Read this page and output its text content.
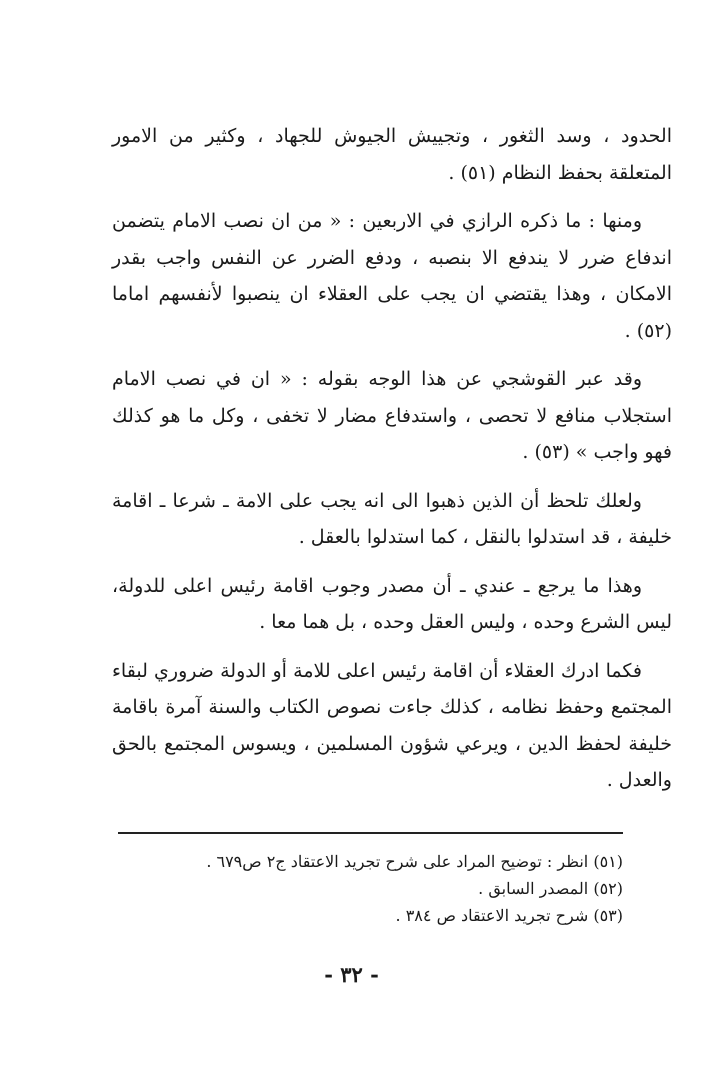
الحدود ، وسد الثغور ، وتجييش الجيوش للجهاد ، وكثير من الامور المتعلقة بحفظ النظام (٥١) .

ومنها : ما ذكره الرازي في الاربعين : « من ان نصب الامام يتضمن اندفاع ضرر لا يندفع الا بنصبه ، ودفع الضرر عن النفس واجب بقدر الامكان ، وهذا يقتضي ان يجب على العقلاء ان ينصبوا لأنفسهم اماما (٥٢) .

وقد عبر القوشجي عن هذا الوجه بقوله : « ان في نصب الامام استجلاب منافع لا تحصى ، واستدفاع مضار لا تخفى ، وكل ما هو كذلك فهو واجب » (٥٣) .

ولعلك تلحظ أن الذين ذهبوا الى انه يجب على الامة ـ شرعا ـ اقامة خليفة ، قد استدلوا بالنقل ، كما استدلوا بالعقل .

وهذا ما يرجع ـ عندي ـ أن مصدر وجوب اقامة رئيس اعلى للدولة، ليس الشرع وحده ، وليس العقل وحده ، بل هما معا .

فكما ادرك العقلاء أن اقامة رئيس اعلى للامة أو الدولة ضروري لبقاء المجتمع وحفظ نظامه ، كذلك جاءت نصوص الكتاب والسنة آمرة باقامة خليفة لحفظ الدين ، ويرعي شؤون المسلمين ، ويسوس المجتمع بالحق والعدل .

(٥١) انظر : توضيح المراد على شرح تجريد الاعتقاد ج٢ ص٦٧٩ .

(٥٢) المصدر السابق .

(٥٣) شرح تجريد الاعتقاد ص ٣٨٤ .

- ٣٢ -
